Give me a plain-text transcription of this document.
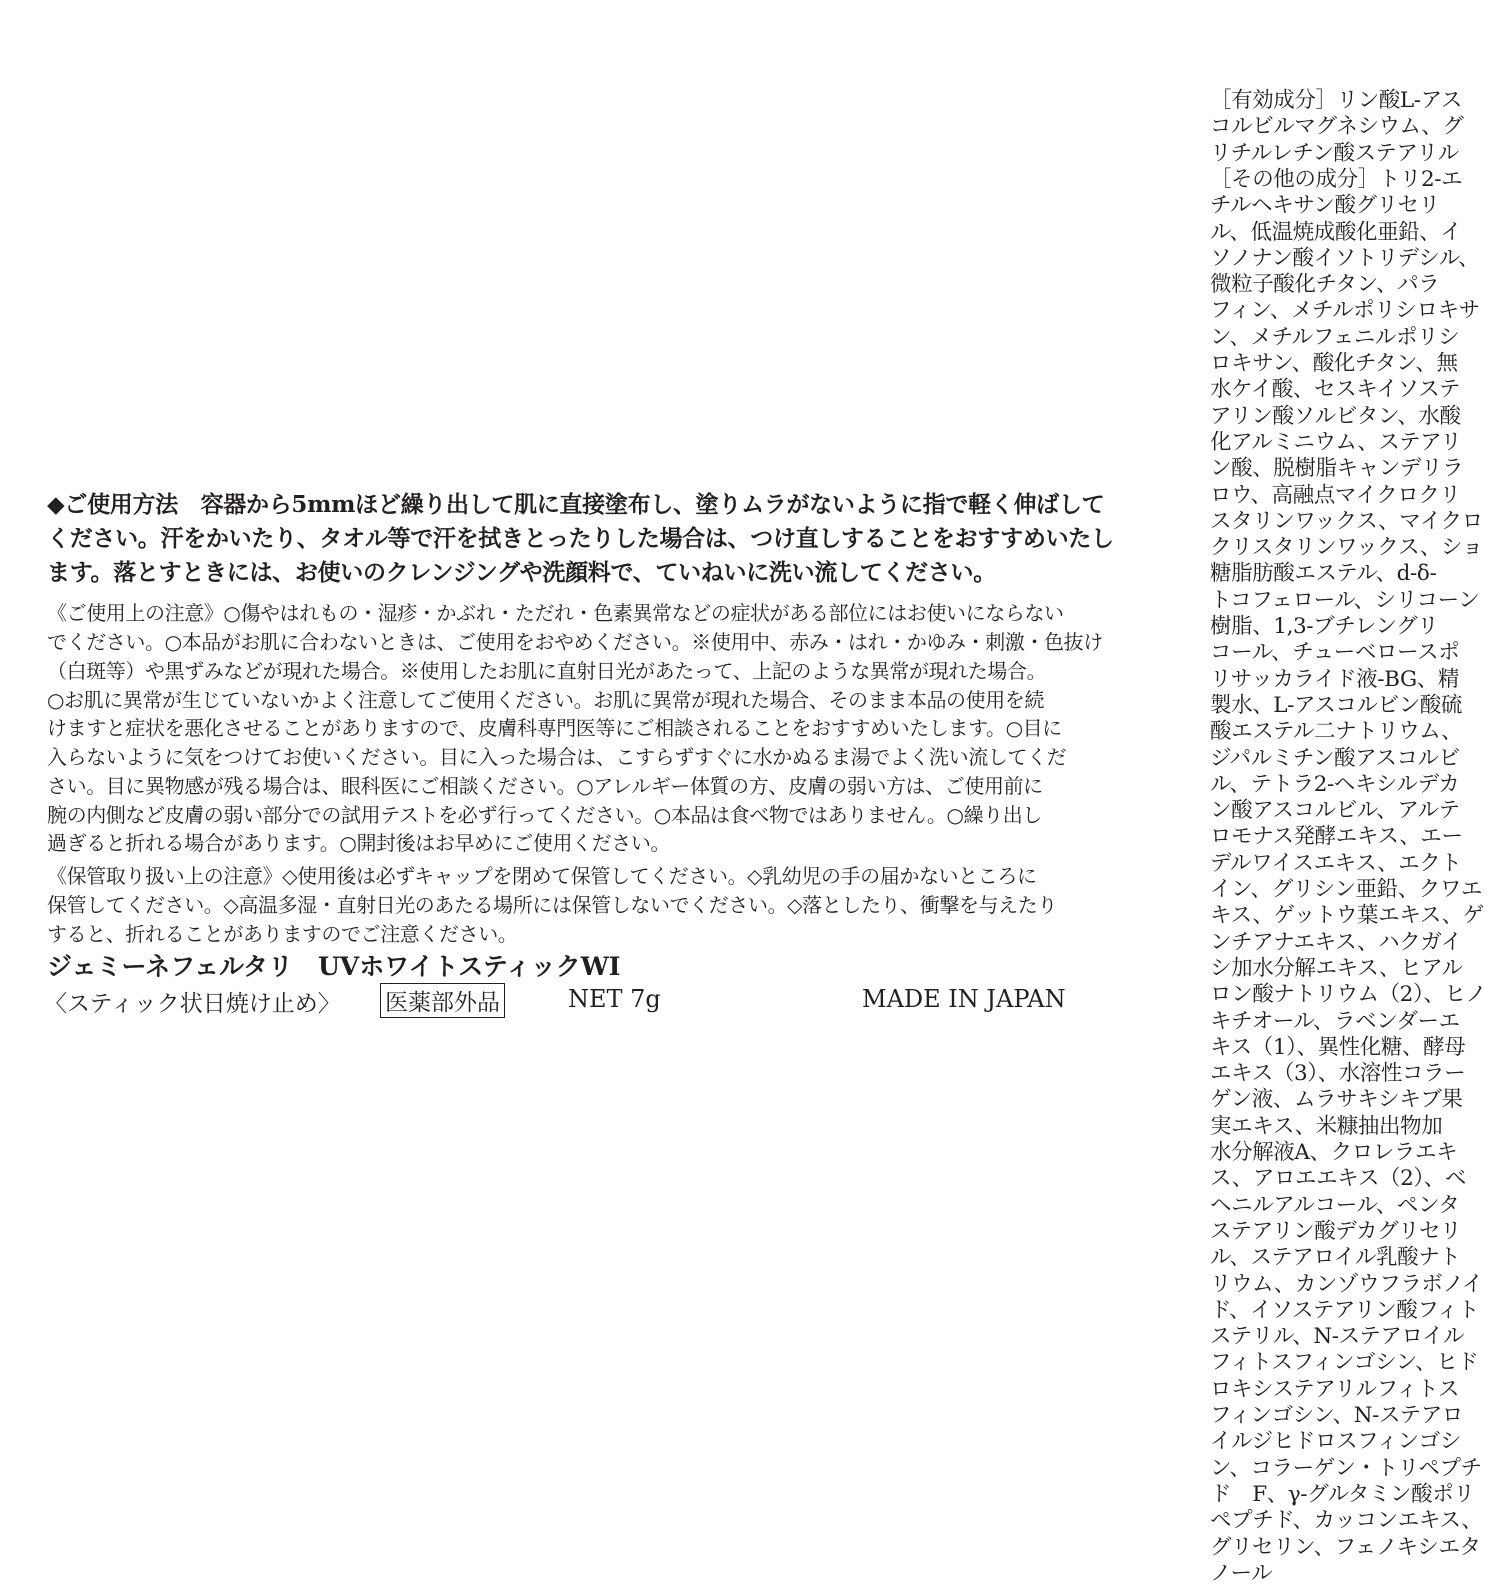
◆ご使用方法　容器から5mmほど繰り出して肌に直接塗布し、塗りムラがないように指で軽く伸ばして
ください。汗をかいたり、タオル等で汗を拭きとったりした場合は、つけ直しすることをおすすめいたし
ます。落とすときには、お使いのクレンジングや洗顔料で、ていねいに洗い流してください。
《ご使用上の注意》○傷やはれもの・湿疹・かぶれ・ただれ・色素異常などの症状がある部位にはお使いにならない
でください。○本品がお肌に合わないときは、ご使用をおやめください。※使用中、赤み・はれ・かゆみ・刺激・色抜け
（白斑等）や黒ずみなどが現れた場合。※使用したお肌に直射日光があたって、上記のような異常が現れた場合。
○お肌に異常が生じていないかよく注意してご使用ください。お肌に異常が現れた場合、そのまま本品の使用を続
けますと症状を悪化させることがありますので、皮膚科専門医等にご相談されることをおすすめいたします。○目に
入らないように気をつけてお使いください。目に入った場合は、こすらずすぐに水かぬるま湯でよく洗い流してくだ
さい。目に異物感が残る場合は、眼科医にご相談ください。○アレルギー体質の方、皮膚の弱い方は、ご使用前に
腕の内側など皮膚の弱い部分での試用テストを必ず行ってください。○本品は食べ物ではありません。○繰り出し
過ぎると折れる場合があります。○開封後はお早めにご使用ください。
《保管取り扱い上の注意》◇使用後は必ずキャップを閉めて保管してください。◇乳幼児の手の届かないところに
保管してください。◇高温多湿・直射日光のあたる場所には保管しないでください。◇落としたり、衝撃を与えたり
すると、折れることがありますのでご注意ください。
ジェミーネフェルタリ　UVホワイトスティックWI
〈スティック状日焼け止め〉 医薬部外品	NET 7g	MADE IN JAPAN
［有効成分］リン酸L-アス
コルビルマグネシウム、グ
リチルレチン酸ステアリル
［その他の成分］トリ2-エ
チルヘキサン酸グリセリ
ル、低温焼成酸化亜鉛、イ
ソノナン酸イソトリデシル、
微粒子酸化チタン、パラ
フィン、メチルポリシロキサ
ン、メチルフェニルポリシ
ロキサン、酸化チタン、無
水ケイ酸、セスキイソステ
アリン酸ソルビタン、水酸
化アルミニウム、ステアリ
ン酸、脱樹脂キャンデリラ
ロウ、高融点マイクロクリ
スタリンワックス、マイクロ
クリスタリンワックス、ショ
糖脂肪酸エステル、d-δ-
トコフェロール、シリコーン
樹脂、1,3-ブチレングリ
コール、チューベロースポ
リサッカライド液-BG、精
製水、L-アスコルビン酸硫
酸エステル二ナトリウム、
ジパルミチン酸アスコルビ
ル、テトラ2-ヘキシルデカ
ン酸アスコルビル、アルテ
ロモナス発酵エキス、エー
デルワイスエキス、エクト
イン、グリシン亜鉛、クワエ
キス、ゲットウ葉エキス、ゲ
ンチアナエキス、ハクガイ
シ加水分解エキス、ヒアル
ロン酸ナトリウム（2）、ヒノ
キチオール、ラベンダーエ
キス（1）、異性化糖、酵母
エキス（3）、水溶性コラー
ゲン液、ムラサキシキブ果
実エキス、米糠抽出物加
水分解液A、クロレラエキ
ス、アロエエキス（2）、ベ
ヘニルアルコール、ペンタ
ステアリン酸デカグリセリ
ル、ステアロイル乳酸ナト
リウム、カンゾウフラボノイ
ド、イソステアリン酸フィト
ステリル、N-ステアロイル
フィトスフィンゴシン、ヒド
ロキシステアリルフィトス
フィンゴシン、N-ステアロ
イルジヒドロスフィンゴシ
ン、コラーゲン・トリペプチ
ド　F、γ-グルタミン酸ポリ
ペプチド、カッコンエキス、
グリセリン、フェノキシエタ
ノール
